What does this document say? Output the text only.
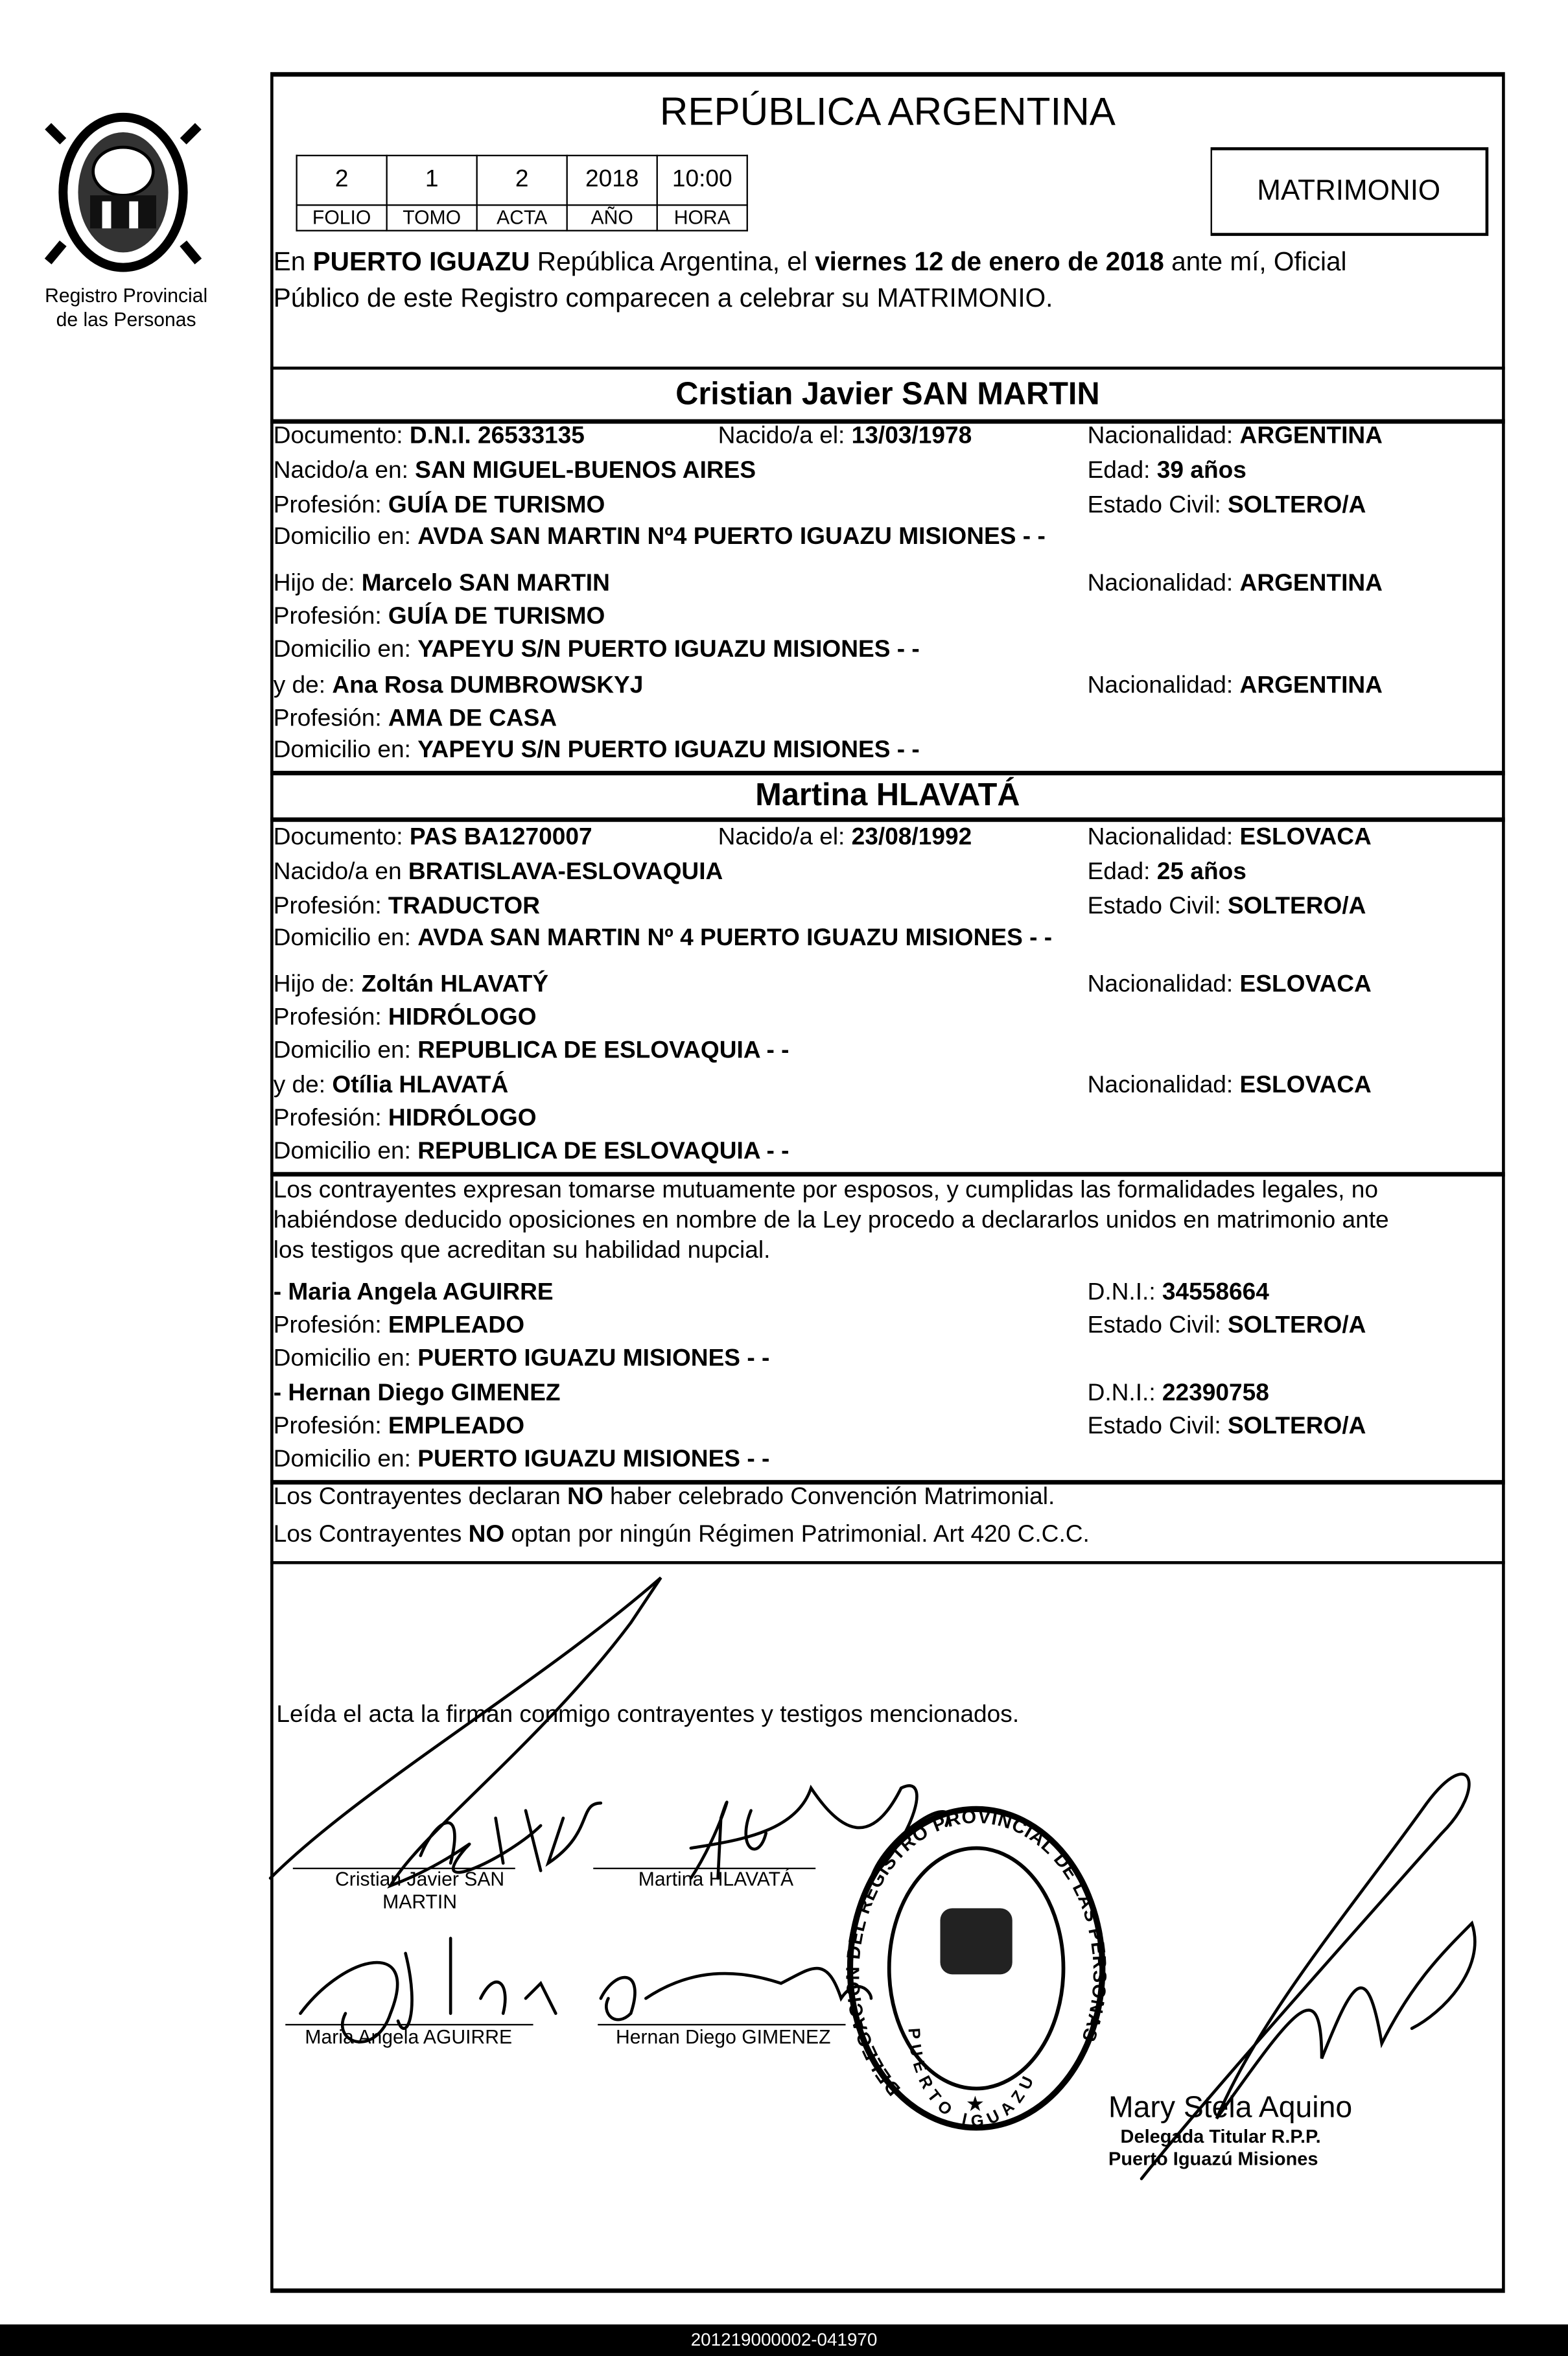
Registro Provincial
de las Personas
REPÚBLICA ARGENTINA
2	1	2	2018	10:00
FOLIO	TOMO	ACTA	AÑO	HORA
MATRIMONIO
En PUERTO IGUAZU República Argentina, el viernes 12 de enero de 2018 ante mí, Oficial
Público de este Registro comparecen a celebrar su MATRIMONIO.
Cristian Javier SAN MARTIN
Documento: D.N.I. 26533135	Nacido/a el: 13/03/1978	Nacionalidad: ARGENTINA
Nacido/a en: SAN MIGUEL-BUENOS AIRES	Edad: 39 años
Profesión: GUÍA DE TURISMO	Estado Civil: SOLTERO/A
Domicilio en: AVDA SAN MARTIN Nº4 PUERTO IGUAZU MISIONES - -
Hijo de: Marcelo SAN MARTIN	Nacionalidad: ARGENTINA
Profesión: GUÍA DE TURISMO
Domicilio en: YAPEYU S/N PUERTO IGUAZU MISIONES - -
y de: Ana Rosa DUMBROWSKYJ	Nacionalidad: ARGENTINA
Profesión: AMA DE CASA
Domicilio en: YAPEYU S/N PUERTO IGUAZU MISIONES - -
Martina HLAVATÁ
Documento: PAS BA1270007	Nacido/a el: 23/08/1992	Nacionalidad: ESLOVACA
Nacido/a en BRATISLAVA-ESLOVAQUIA	Edad: 25 años
Profesión: TRADUCTOR	Estado Civil: SOLTERO/A
Domicilio en: AVDA SAN MARTIN Nº 4 PUERTO IGUAZU MISIONES - -
Hijo de: Zoltán HLAVATÝ	Nacionalidad: ESLOVACA
Profesión: HIDRÓLOGO
Domicilio en: REPUBLICA DE ESLOVAQUIA - -
y de: Otília HLAVATÁ	Nacionalidad: ESLOVACA
Profesión: HIDRÓLOGO
Domicilio en: REPUBLICA DE ESLOVAQUIA - -
Los contrayentes expresan tomarse mutuamente por esposos, y cumplidas las formalidades legales, no
habiéndose deducido oposiciones en nombre de la Ley procedo a declararlos unidos en matrimonio ante
los testigos que acreditan su habilidad nupcial.
- Maria Angela AGUIRRE	D.N.I.: 34558664
Profesión: EMPLEADO	Estado Civil: SOLTERO/A
Domicilio en: PUERTO IGUAZU MISIONES - -
- Hernan Diego GIMENEZ	D.N.I.: 22390758
Profesión: EMPLEADO	Estado Civil: SOLTERO/A
Domicilio en: PUERTO IGUAZU MISIONES - -
Los Contrayentes declaran NO haber celebrado Convención Matrimonial.
Los Contrayentes NO optan por ningún Régimen Patrimonial. Art 420 C.C.C.
Leída el acta la firman conmigo contrayentes y testigos mencionados.
Cristian Javier SAN MARTIN
Martina HLAVATÁ
Maria Angela AGUIRRE	Hernan Diego GIMENEZ
DELEGACION DEL REGISTRO PROVINCIAL DE LAS PERSONAS
PUERTO IGUAZU
★	Mary Stela Aquino
Delegada Titular R.P.P.
Puerto Iguazú Misiones
201219000002-041970
